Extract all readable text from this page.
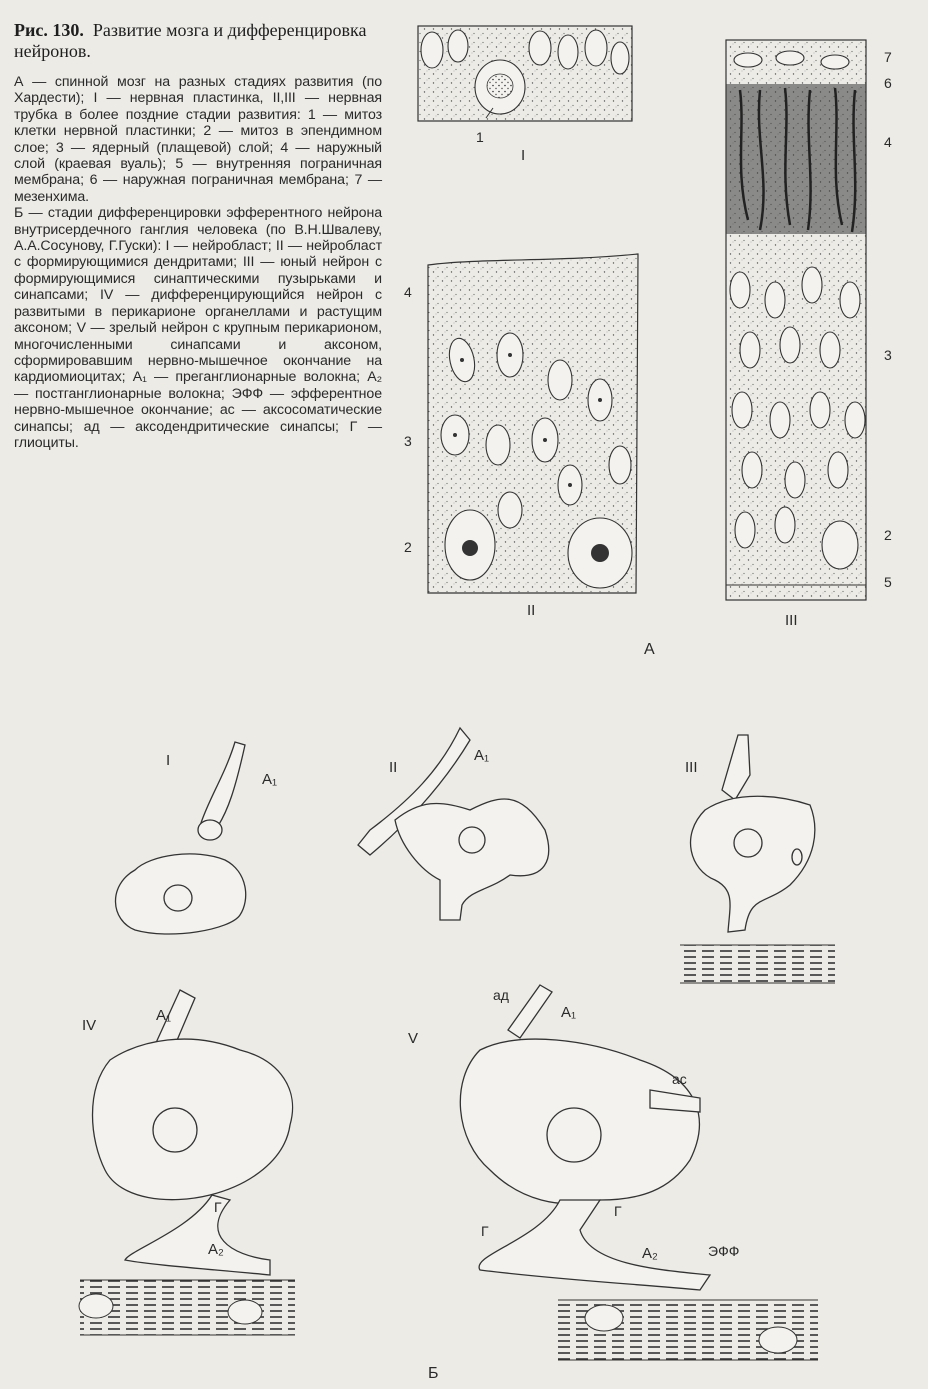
Рис. 130. Развитие мозга и дифференцировка нейронов.

А — спинной мозг на разных стадиях развития (по Хардести); I — нервная пластинка, II,III — нервная трубка в более поздние стадии развития: 1 — митоз клетки нервной пластинки; 2 — митоз в эпендимном слое; 3 — ядерный (плащевой) слой; 4 — наружный слой (краевая вуаль); 5 — внутренняя пограничная мембрана; 6 — наружная пограничная мембрана; 7 — мезенхима.
Б — стадии дифференцировки эфферентного нейрона внутрисердечного ганглия человека (по В.Н.Швалеву, А.А.Сосунову, Г.Гуски): I — нейробласт; II — нейробласт с формирующимися дендритами; III — юный нейрон с формирующимися синаптическими пузырьками и синапсами; IV — дифференцирующийся нейрон с развитыми в перикарионе органеллами и растущим аксоном; V — зрелый нейрон с крупным перикарионом, многочисленными синапсами и аксоном, сформировавшим нервно-мышечное окончание на кардиомиоцитах; A₁ — преганглионарные волокна; A₂ — постганглионарные волокна; ЭФФ — эфферентное нервно-мышечное окончание; ас — аксосоматические синапсы; ад — аксодендритические синапсы; Г — глиоциты.
1
I
4
3
2
II
7
6
4
3
2
5
III
А
I
A₁
II
A₁
III
IV
A₁
Г
A₂
V
ад
A₁
ас
Г
Г
A₂	ЭФФ
Б
